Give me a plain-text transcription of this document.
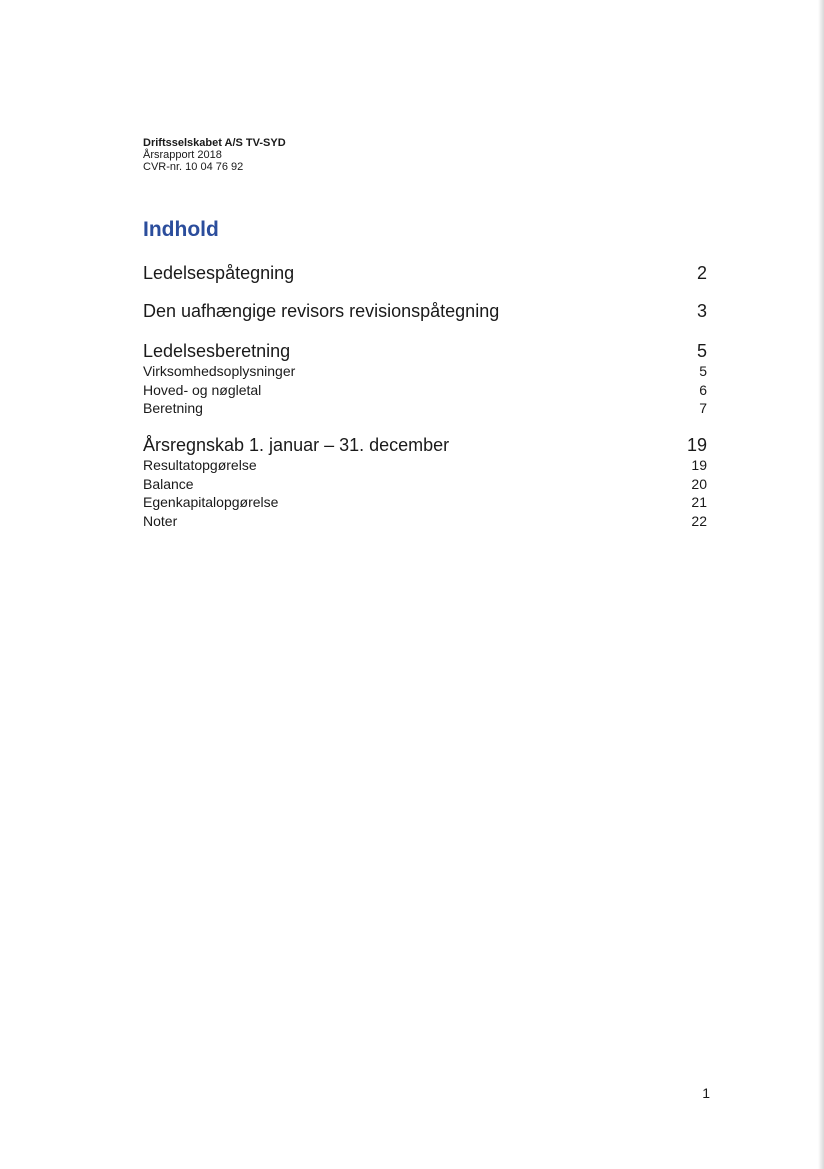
Driftsselskabet A/S TV-SYD
Årsrapport 2018
CVR-nr. 10 04 76 92
Indhold
Ledelsespåtegning	2
Den uafhængige revisors revisionspåtegning	3
Ledelsesberetning	5
Virksomhedsoplysninger	5
Hoved- og nøgletal	6
Beretning	7
Årsregnskab 1. januar – 31. december	19
Resultatopgørelse	19
Balance	20
Egenkapitalopgørelse	21
Noter	22
1
